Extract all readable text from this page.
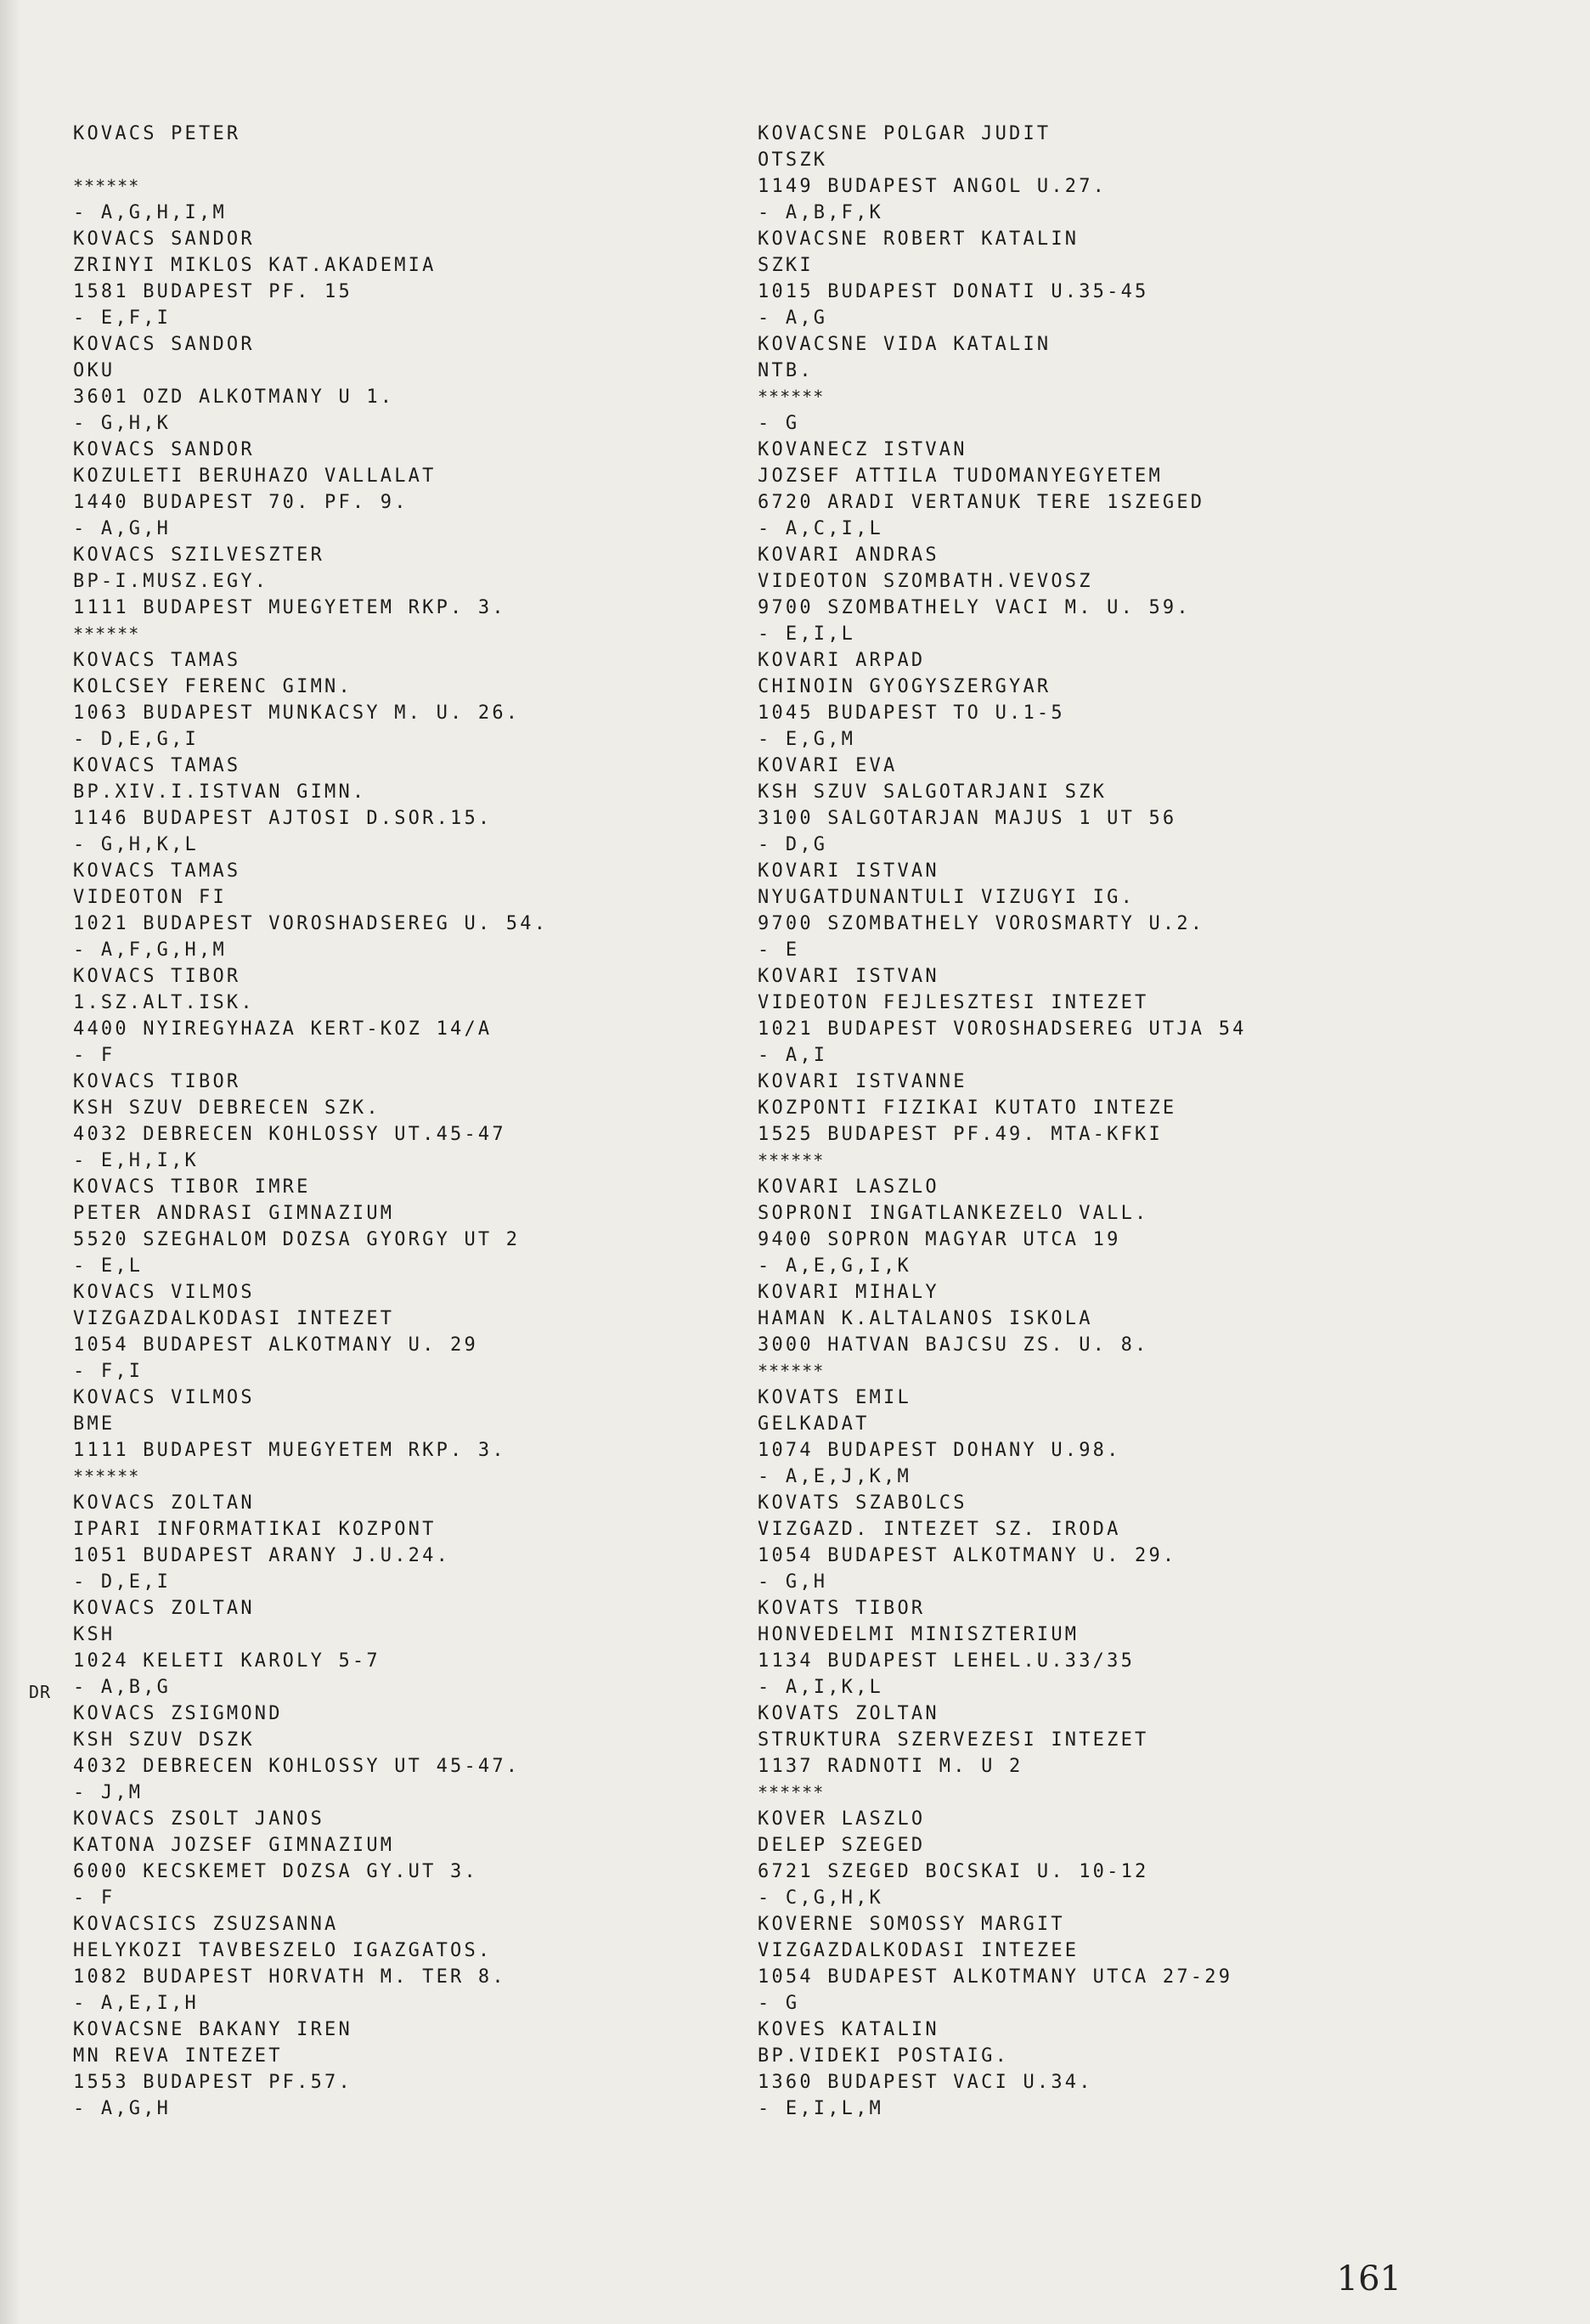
KOVACS PETER
******
- A,G,H,I,M
KOVACS SANDOR
ZRINYI MIKLOS KAT.AKADEMIA
1581 BUDAPEST PF. 15
- E,F,I
KOVACS SANDOR
OKU
3601 OZD ALKOTMANY U 1.
- G,H,K
KOVACS SANDOR
KOZULETI BERUHAZO VALLALAT
1440 BUDAPEST 70. PF. 9.
- A,G,H
KOVACS SZILVESZTER
BP-I.MUSZ.EGY.
1111 BUDAPEST MUEGYETEM RKP. 3.
******
KOVACS TAMAS
KOLCSEY FERENC GIMN.
1063 BUDAPEST MUNKACSY M. U. 26.
- D,E,G,I
KOVACS TAMAS
BP.XIV.I.ISTVAN GIMN.
1146 BUDAPEST AJTOSI D.SOR.15.
- G,H,K,L
KOVACS TAMAS
VIDEOTON FI
1021 BUDAPEST VOROSHADSEREG U. 54.
- A,F,G,H,M
KOVACS TIBOR
1.SZ.ALT.ISK.
4400 NYIREGYHAZA KERT-KOZ 14/A
- F
KOVACS TIBOR
KSH SZUV DEBRECEN SZK.
4032 DEBRECEN KOHLOSSY UT.45-47
- E,H,I,K
KOVACS TIBOR IMRE
PETER ANDRASI GIMNAZIUM
5520 SZEGHALOM DOZSA GYORGY UT 2
- E,L
KOVACS VILMOS
VIZGAZDALKODASI INTEZET
1054 BUDAPEST ALKOTMANY U. 29
- F,I
KOVACS VILMOS
BME
1111 BUDAPEST MUEGYETEM RKP. 3.
******
KOVACS ZOLTAN
IPARI INFORMATIKAI KOZPONT
1051 BUDAPEST ARANY J.U.24.
- D,E,I
KOVACS ZOLTAN
KSH
1024 KELETI KAROLY 5-7
- A,B,G
KOVACS ZSIGMOND
KSH SZUV DSZK
4032 DEBRECEN KOHLOSSY UT 45-47.
- J,M
KOVACS ZSOLT JANOS
KATONA JOZSEF GIMNAZIUM
6000 KECSKEMET DOZSA GY.UT 3.
- F
KOVACSICS ZSUZSANNA
HELYKOZI TAVBESZELO IGAZGATOS.
1082 BUDAPEST HORVATH M. TER 8.
- A,E,I,H
KOVACSNE BAKANY IREN
MN REVA INTEZET
1553 BUDAPEST PF.57.
- A,G,H
KOVACSNE POLGAR JUDIT
OTSZK
1149 BUDAPEST ANGOL U.27.
- A,B,F,K
KOVACSNE ROBERT KATALIN
SZKI
1015 BUDAPEST DONATI U.35-45
- A,G
KOVACSNE VIDA KATALIN
NTB.
******
- G
KOVANECZ ISTVAN
JOZSEF ATTILA TUDOMANYEGYETEM
6720 ARADI VERTANUK TERE 1SZEGED
- A,C,I,L
KOVARI ANDRAS
VIDEOTON SZOMBATH.VEVOSZ
9700 SZOMBATHELY VACI M. U. 59.
- E,I,L
KOVARI ARPAD
CHINOIN GYOGYSZERGYAR
1045 BUDAPEST TO U.1-5
- E,G,M
KOVARI EVA
KSH SZUV SALGOTARJANI SZK
3100 SALGOTARJAN MAJUS 1 UT 56
- D,G
KOVARI ISTVAN
NYUGATDUNANTULI VIZUGYI IG.
9700 SZOMBATHELY VOROSMARTY U.2.
- E
KOVARI ISTVAN
VIDEOTON FEJLESZTESI INTEZET
1021 BUDAPEST VOROSHADSEREG UTJA 54
- A,I
KOVARI ISTVANNE
KOZPONTI FIZIKAI KUTATO INTEZE
1525 BUDAPEST PF.49. MTA-KFKI
******
KOVARI LASZLO
SOPRONI INGATLANKEZELO VALL.
9400 SOPRON MAGYAR UTCA 19
- A,E,G,I,K
KOVARI MIHALY
HAMAN K.ALTALANOS ISKOLA
3000 HATVAN BAJCSU ZS. U. 8.
******
KOVATS EMIL
GELKADAT
1074 BUDAPEST DOHANY U.98.
- A,E,J,K,M
KOVATS SZABOLCS
VIZGAZD. INTEZET SZ. IRODA
1054 BUDAPEST ALKOTMANY U. 29.
- G,H
KOVATS TIBOR
HONVEDELMI MINISZTERIUM
1134 BUDAPEST LEHEL.U.33/35
- A,I,K,L
KOVATS ZOLTAN
STRUKTURA SZERVEZESI INTEZET
1137 RADNOTI M. U 2
******
KOVER LASZLO
DELEP SZEGED
6721 SZEGED BOCSKAI U. 10-12
- C,G,H,K
KOVERNE SOMOSSY MARGIT
VIZGAZDALKODASI INTEZEE
1054 BUDAPEST ALKOTMANY UTCA 27-29
- G
KOVES KATALIN
BP.VIDEKI POSTAIG.
1360 BUDAPEST VACI U.34.
- E,I,L,M
DR
161
